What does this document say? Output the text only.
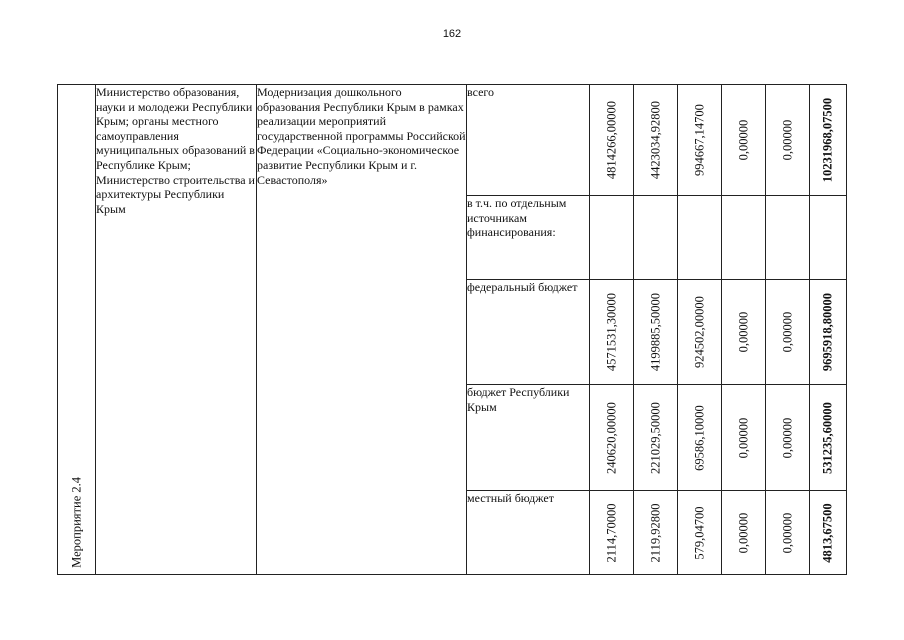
162
Мероприятие 2.4	Министерство образования, науки и молодежи Республики Крым; органы местного самоуправления муниципальных образований в Республике Крым; Министерство строительства и архитектуры Республики Крым	Модернизация дошкольного образования Республики Крым в рамках реализации мероприятий государственной программы Российской Федерации «Социально-экономическое развитие Республики Крым и г. Севастополя»	всего	4814266,00000	4423034,92800	994667,14700	0,00000	0,00000	10231968,07500

			в т.ч. по отдельным источникам финансирования:	

			федеральный бюджет	4571531,30000	4199885,50000	924502,00000	0,00000	0,00000	9695918,80000

			бюджет Республики Крым	240620,00000	221029,50000	69586,10000	0,00000	0,00000	531235,60000

			местный бюджет	2114,70000	2119,92800	579,04700	0,00000	0,00000	4813,67500
